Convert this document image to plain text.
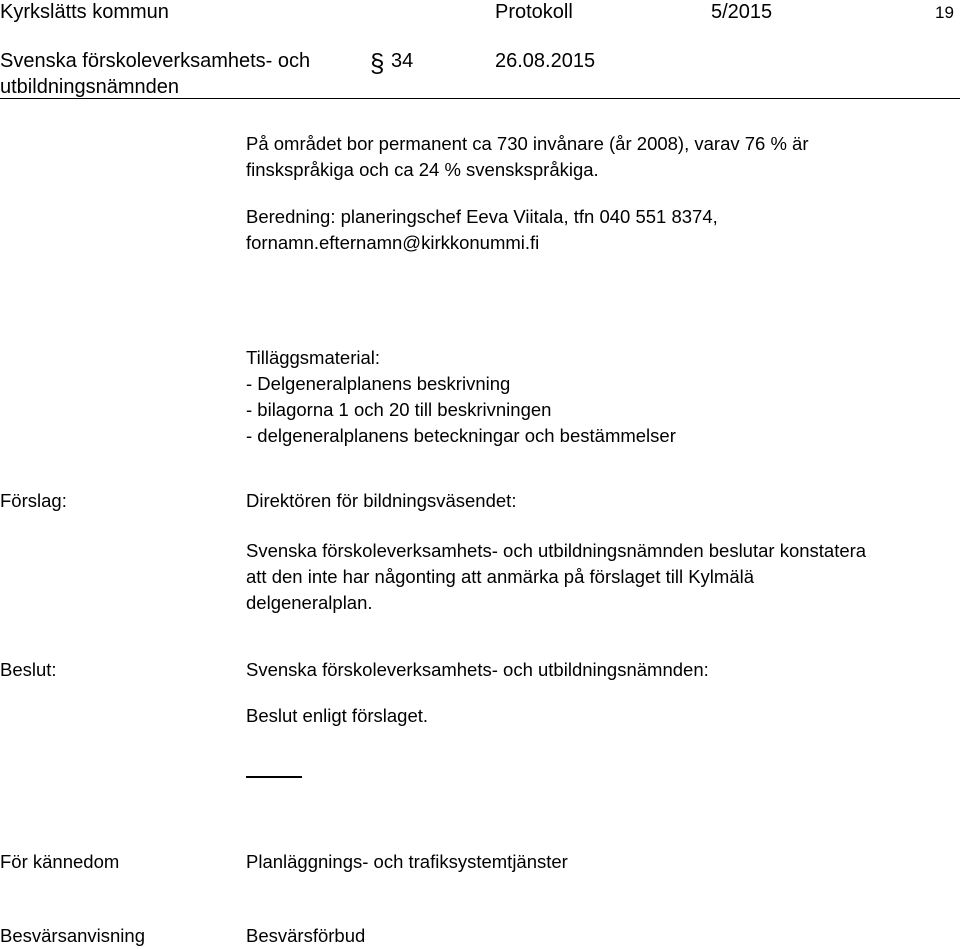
Kyrkslätts kommun	Protokoll	5/2015	19
Svenska förskoleverksamhets- och
utbildningsnämnden
§ 34	26.08.2015
På området bor permanent ca 730 invånare (år 2008), varav 76 % är
finskspråkiga och ca 24 % svenskspråkiga.
Beredning: planeringschef Eeva Viitala, tfn 040 551 8374,
fornamn.efternamn@kirkkonummi.fi
Tilläggsmaterial:
- Delgeneralplanens beskrivning
- bilagorna 1 och 20 till beskrivningen
- delgeneralplanens beteckningar och bestämmelser
Förslag:	Direktören för bildningsväsendet:
Svenska förskoleverksamhets- och utbildningsnämnden beslutar konstatera
att den inte har någonting att anmärka på förslaget till Kylmälä
delgeneralplan.
Beslut:	Svenska förskoleverksamhets- och utbildningsnämnden:
Beslut enligt förslaget.
För kännedom	Planläggnings- och trafiksystemtjänster
Besvärsanvisning	Besvärsförbud
